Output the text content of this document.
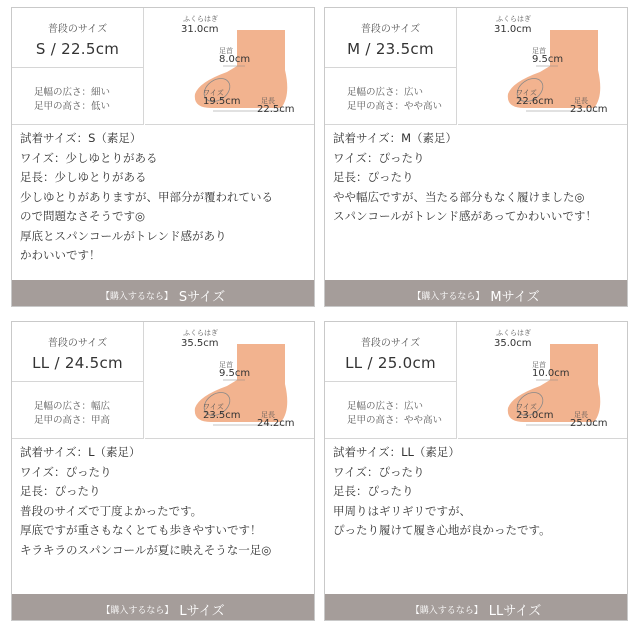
普段のサイズ
S / 22.5cm
足幅の広さ：細い
足甲の高さ：低い
ふくらはぎ
31.0cm
足首
8.0cm
ワイズ
19.5cm	足長
22.5cm
試着サイズ：S（素足）
ワイズ：少しゆとりがある
足長：少しゆとりがある
少しゆとりがありますが、甲部分が覆われている
ので問題なさそうです◎
厚底とスパンコールがトレンド感があり
かわいいです！
【購入するなら】 Sサイズ
普段のサイズ
M / 23.5cm
足幅の広さ：広い
足甲の高さ：やや高い
ふくらはぎ
31.0cm
足首
9.5cm
ワイズ
22.6cm	足長
23.0cm
試着サイズ：M（素足）
ワイズ：ぴったり
足長：ぴったり
やや幅広ですが、当たる部分もなく履けました◎
スパンコールがトレンド感があってかわいいです！
【購入するなら】 Mサイズ
普段のサイズ
LL / 24.5cm
足幅の広さ：幅広
足甲の高さ：甲高
ふくらはぎ
35.5cm
足首
9.5cm
ワイズ
23.5cm	足長
24.2cm
試着サイズ：L（素足）
ワイズ：ぴったり
足長：ぴったり
普段のサイズで丁度よかったです。
厚底ですが重さもなくとても歩きやすいです！
キラキラのスパンコールが夏に映えそうな一足◎
【購入するなら】 Lサイズ
普段のサイズ
LL / 25.0cm
足幅の広さ：広い
足甲の高さ：やや高い
ふくらはぎ
35.0cm
足首
10.0cm
ワイズ
23.0cm	足長
25.0cm
試着サイズ：LL（素足）
ワイズ：ぴったり
足長：ぴったり
甲周りはギリギリですが、
ぴったり履けて履き心地が良かったです。
【購入するなら】 LLサイズ
